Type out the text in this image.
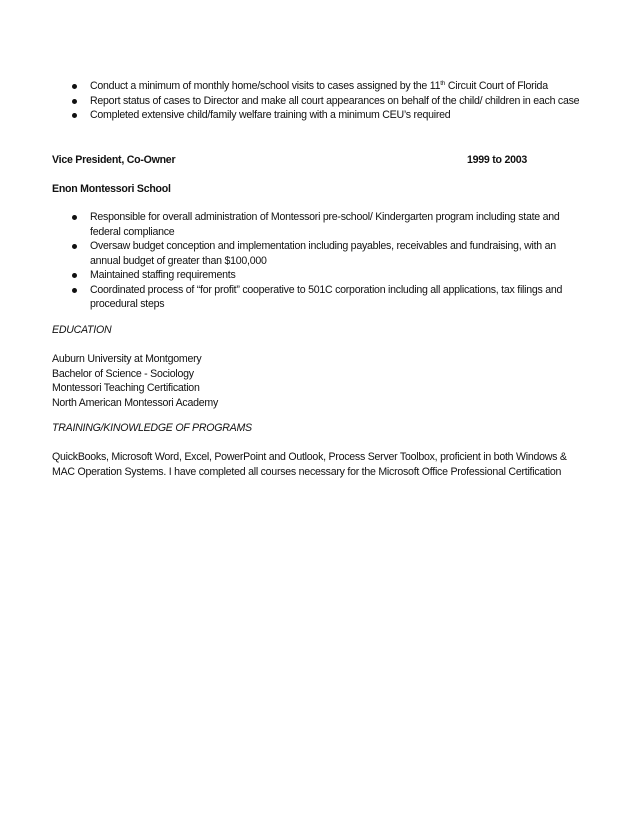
Conduct a minimum of monthly home/school visits to cases assigned by the 11th Circuit Court of Florida
Report status of cases to Director and make all court appearances on behalf of the child/ children in each case
Completed extensive child/family welfare training with a minimum CEU’s required
Vice President, Co-Owner	1999 to 2003
Enon Montessori School
Responsible for overall administration of Montessori pre-school/ Kindergarten program including state and federal compliance
Oversaw budget conception and implementation including payables, receivables and fundraising, with an annual budget of greater than $100,000
Maintained staffing requirements
Coordinated process of “for profit” cooperative to 501C corporation including all applications, tax filings and procedural steps
EDUCATION
Auburn University at Montgomery
Bachelor of Science - Sociology
Montessori Teaching Certification
North American Montessori Academy
TRAINING/KINOWLEDGE OF PROGRAMS
QuickBooks, Microsoft Word, Excel, PowerPoint and Outlook, Process Server Toolbox, proficient in both Windows & MAC Operation Systems. I have completed all courses necessary for the Microsoft Office Professional Certification
